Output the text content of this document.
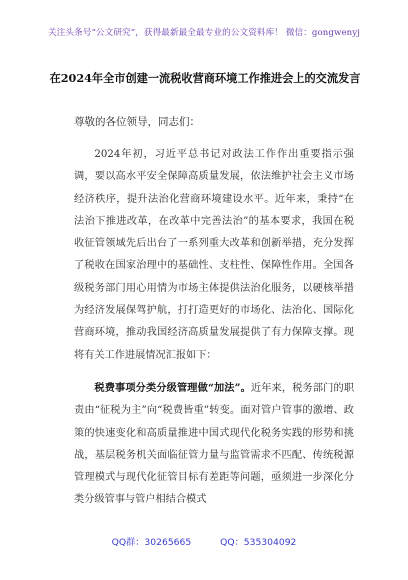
关注头条号“公文研究”，获得最新最全最专业的公文资料库！ 微信：gongwenyj
在2024年全市创建一流税收营商环境工作推进会上的交流发言

尊敬的各位领导，同志们：

2024年初，习近平总书记对政法工作作出重要指示强调，要以高水平安全保障高质量发展，依法维护社会主义市场经济秩序，提升法治化营商环境建设水平。近年来，秉持“在法治下推进改革，在改革中完善法治”的基本要求，我国在税收征管领域先后出台了一系列重大改革和创新举措，充分发挥了税收在国家治理中的基础性、支柱性、保障性作用。全国各级税务部门用心用情为市场主体提供法治化服务，以硬核举措为经济发展保驾护航，打打造更好的市场化、法治化、国际化营商环境，推动我国经济高质量发展提供了有力保障支撑。现将有关工作进展情况汇报如下：

税费事项分类分级管理做“加法”。近年来，税务部门的职责由“征税为主”向“税费皆重”转变。面对管户管事的激增、政策的快速变化和高质量推进中国式现代化税务实践的形势和挑战，基层税务机关面临征管力量与监管需求不匹配、传统税源管理模式与现代化征管目标有差距等问题，亟须进一步深化分类分级管事与管户相结合模式

QQ群：30265665	QQ：535304092
